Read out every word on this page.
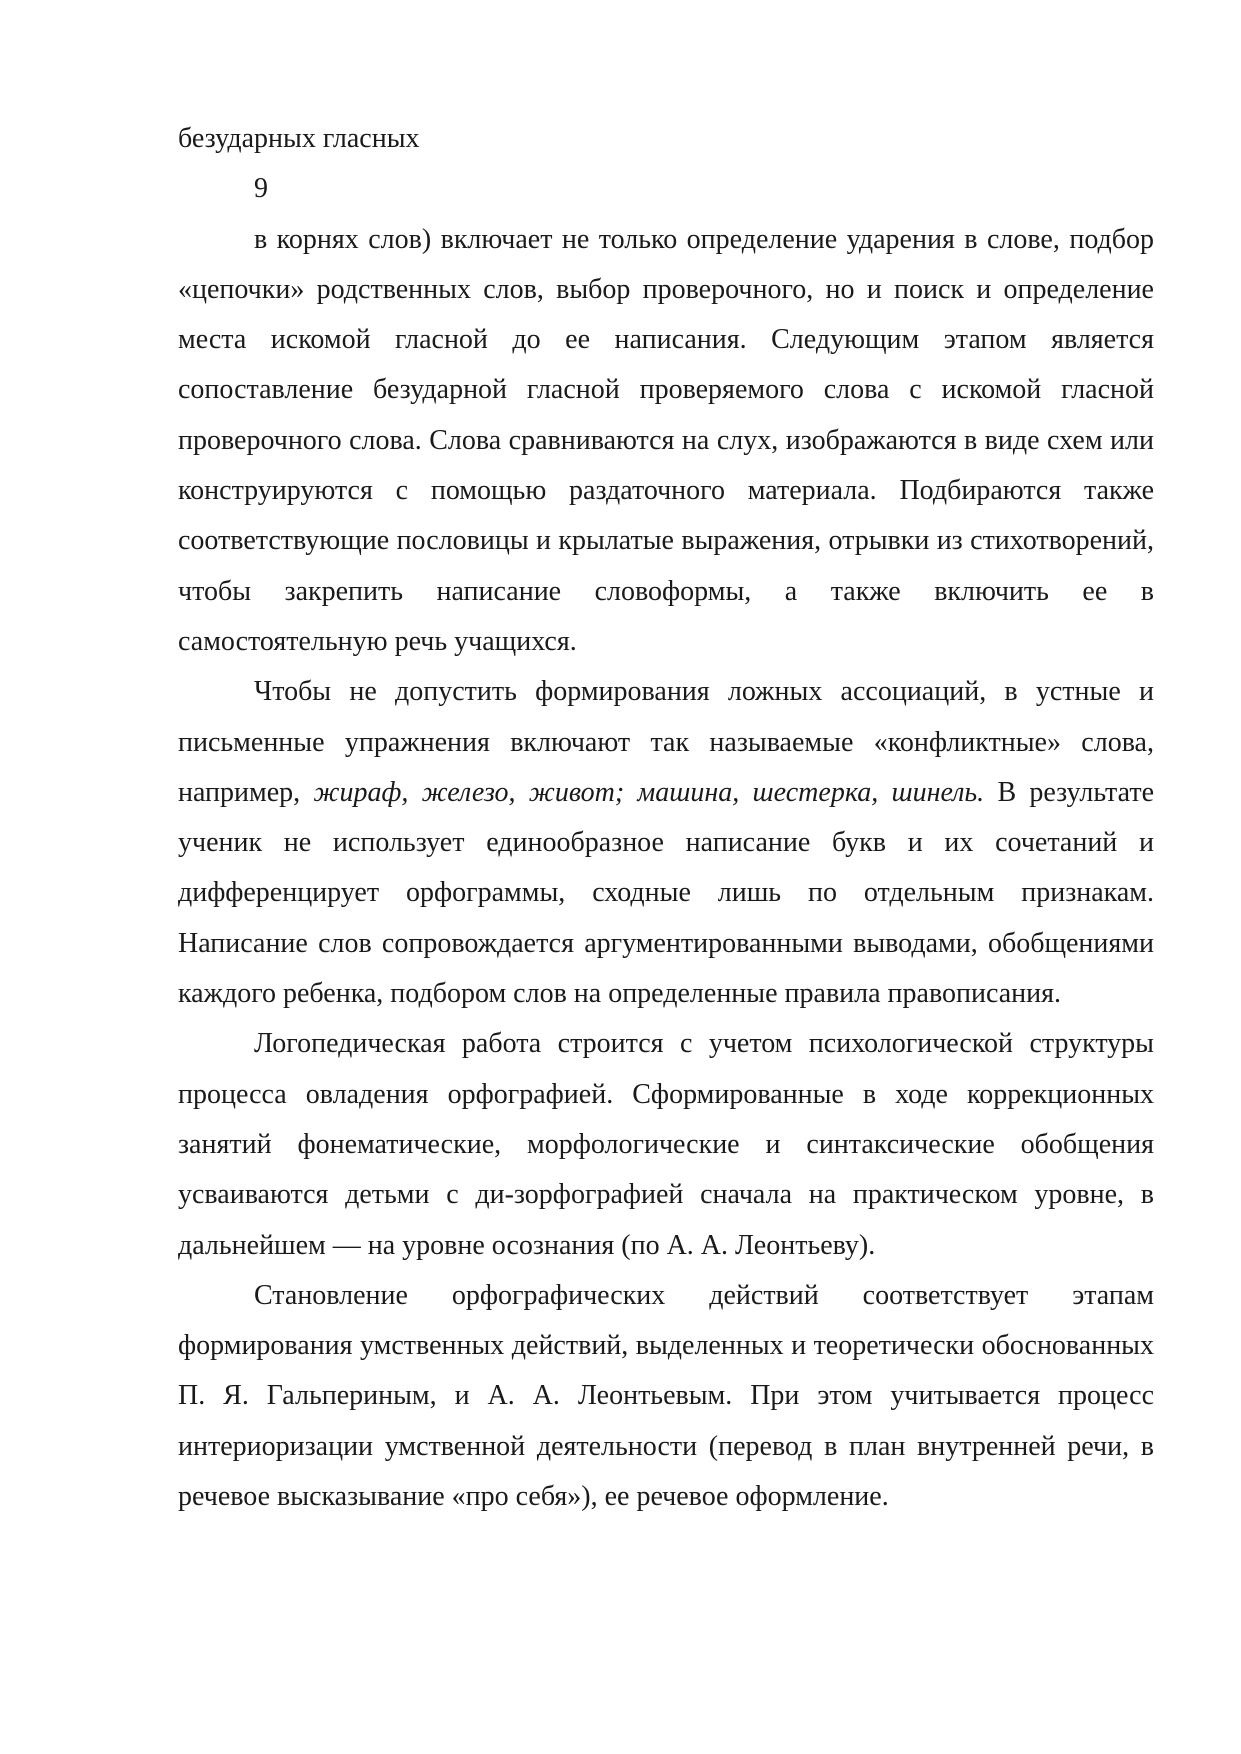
безударных гласных
9

в корнях слов) включает не только определение ударения в слове, подбор «цепочки» родственных слов, выбор проверочного, но и поиск и определение места искомой гласной до ее написания. Следующим этапом является сопоставление безударной гласной проверяемого слова с искомой гласной проверочного слова. Слова сравниваются на слух, изображаются в виде схем или конструируются с помощью раздаточного материала. Подбираются также соответствующие пословицы и крылатые выражения, отрывки из стихотворений, чтобы закрепить написание словоформы, а также включить ее в самостоятельную речь учащихся.

Чтобы не допустить формирования ложных ассоциаций, в устные и письменные упражнения включают так называемые «конфликтные» слова, например, жираф, железо, живот; машина, шестерка, шинель. В результате ученик не использует единообразное написание букв и их сочетаний и дифференцирует орфограммы, сходные лишь по отдельным признакам. Написание слов сопровождается аргументированными выводами, обобщениями каждого ребенка, подбором слов на определенные правила правописания.

Логопедическая работа строится с учетом психологической структуры процесса овладения орфографией. Сформированные в ходе коррекционных занятий фонематические, морфологические и синтаксические обобщения усваиваются детьми с ди-зорфографией сначала на практическом уровне, в дальнейшем — на уровне осознания (по А. А. Леонтьеву).

Становление орфографических действий соответствует этапам формирования умственных действий, выделенных и теоретически обоснованных П. Я. Гальпериным, и А. А. Леонтьевым. При этом учитывается процесс интериоризации умственной деятельности (перевод в план внутренней речи, в речевое высказывание «про себя»), ее речевое оформление.
